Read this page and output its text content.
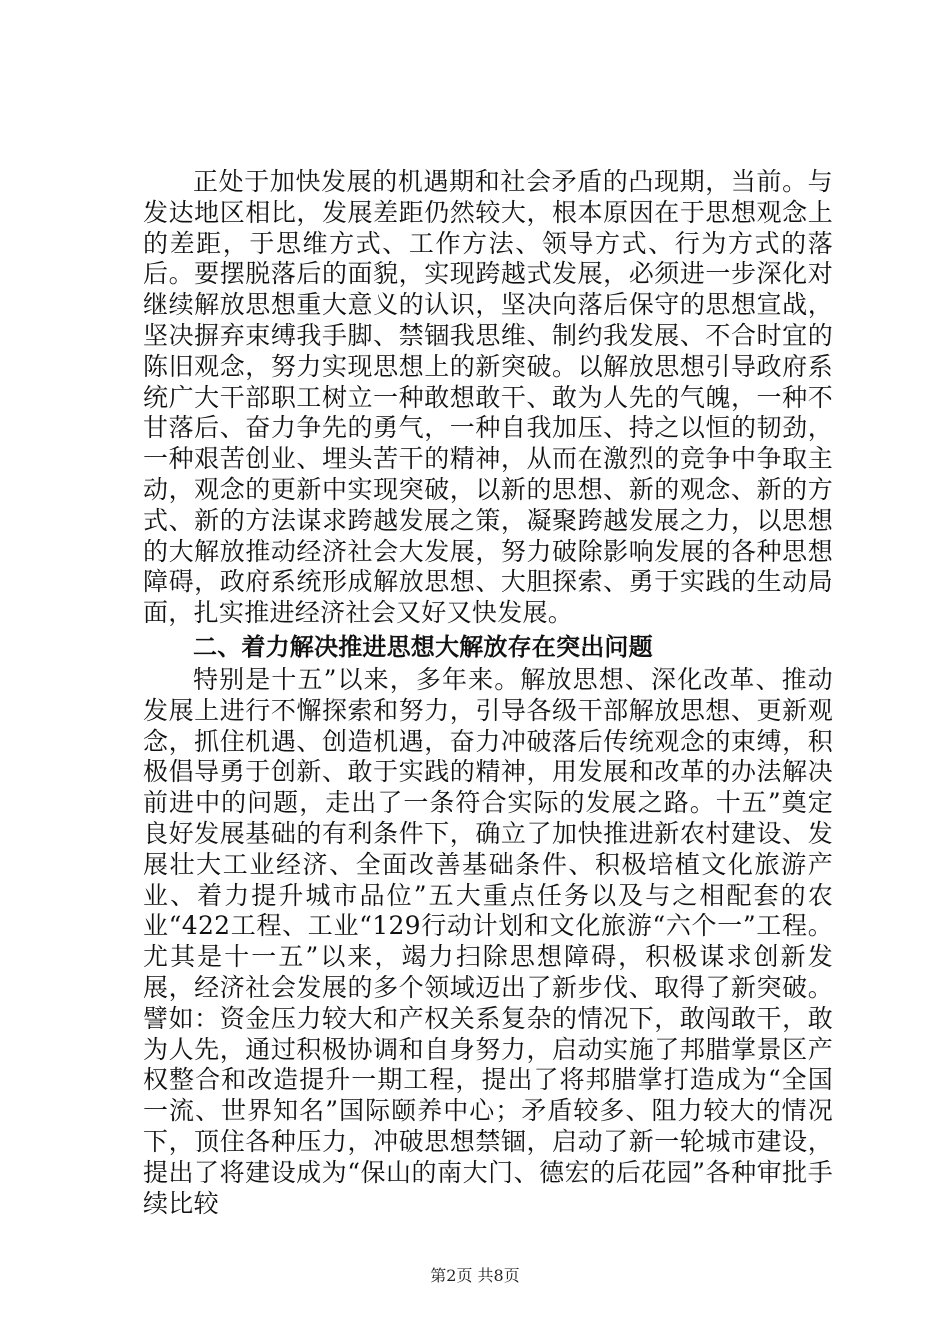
正处于加快发展的机遇期和社会矛盾的凸现期，当前。与发达地区相比，发展差距仍然较大，根本原因在于思想观念上的差距，于思维方式、工作方法、领导方式、行为方式的落后。要摆脱落后的面貌，实现跨越式发展，必须进一步深化对继续解放思想重大意义的认识，坚决向落后保守的思想宣战，坚决摒弃束缚我手脚、禁锢我思维、制约我发展、不合时宜的陈旧观念，努力实现思想上的新突破。以解放思想引导政府系统广大干部职工树立一种敢想敢干、敢为人先的气魄，一种不甘落后、奋力争先的勇气，一种自我加压、持之以恒的韧劲，一种艰苦创业、埋头苦干的精神，从而在激烈的竞争中争取主动，观念的更新中实现突破，以新的思想、新的观念、新的方式、新的方法谋求跨越发展之策，凝聚跨越发展之力，以思想的大解放推动经济社会大发展，努力破除影响发展的各种思想障碍，政府系统形成解放思想、大胆探索、勇于实践的生动局面，扎实推进经济社会又好又快发展。

二、着力解决推进思想大解放存在突出问题

特别是十五”以来，多年来。解放思想、深化改革、推动发展上进行不懈探索和努力，引导各级干部解放思想、更新观念，抓住机遇、创造机遇，奋力冲破落后传统观念的束缚，积极倡导勇于创新、敢于实践的精神，用发展和改革的办法解决前进中的问题，走出了一条符合实际的发展之路。十五”奠定良好发展基础的有利条件下，确立了加快推进新农村建设、发展壮大工业经济、全面改善基础条件、积极培植文化旅游产业、着力提升城市品位”五大重点任务以及与之相配套的农业“422工程、工业“129行动计划和文化旅游“六个一”工程。尤其是十一五”以来，竭力扫除思想障碍，积极谋求创新发展，经济社会发展的多个领域迈出了新步伐、取得了新突破。譬如：资金压力较大和产权关系复杂的情况下，敢闯敢干，敢为人先，通过积极协调和自身努力，启动实施了邦腊掌景区产权整合和改造提升一期工程，提出了将邦腊掌打造成为“全国一流、世界知名”国际颐养中心；矛盾较多、阻力较大的情况下，顶住各种压力，冲破思想禁锢，启动了新一轮城市建设，提出了将建设成为“保山的南大门、德宏的后花园”各种审批手续比较

第2页 共8页
